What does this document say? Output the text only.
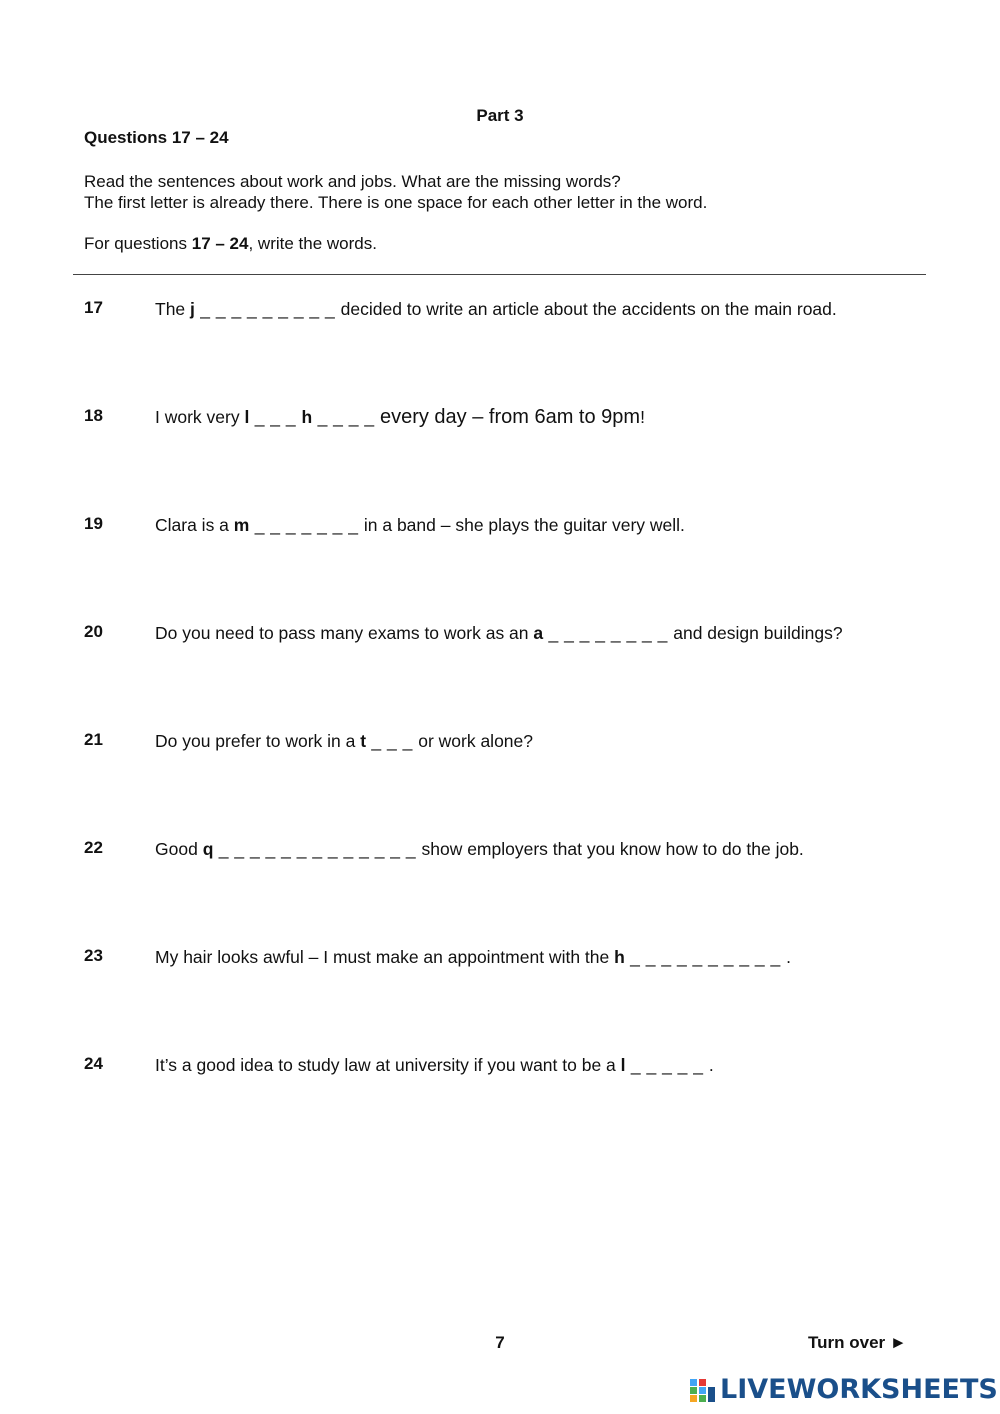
Part 3
Questions 17 – 24
Read the sentences about work and jobs. What are the missing words?
The first letter is already there. There is one space for each other letter in the word.
For questions 17 – 24, write the words.
17	The j _ _ _ _ _ _ _ _ _ decided to write an article about the accidents on the main road.
18	I work very l _ _ _ h _ _ _ _ every day – from 6am to 9pm!
19	Clara is a m _ _ _ _ _ _ _ in a band – she plays the guitar very well.
20	Do you need to pass many exams to work as an a _ _ _ _ _ _ _ _ and design buildings?
21	Do you prefer to work in a t _ _ _ or work alone?
22	Good q _ _ _ _ _ _ _ _ _ _ _ _ _ show employers that you know how to do the job.
23	My hair looks awful – I must make an appointment with the h _ _ _ _ _ _ _ _ _ _ .
24	It’s a good idea to study law at university if you want to be a l _ _ _ _ _ .
7	Turn over ►
LIVEWORKSHEETS
